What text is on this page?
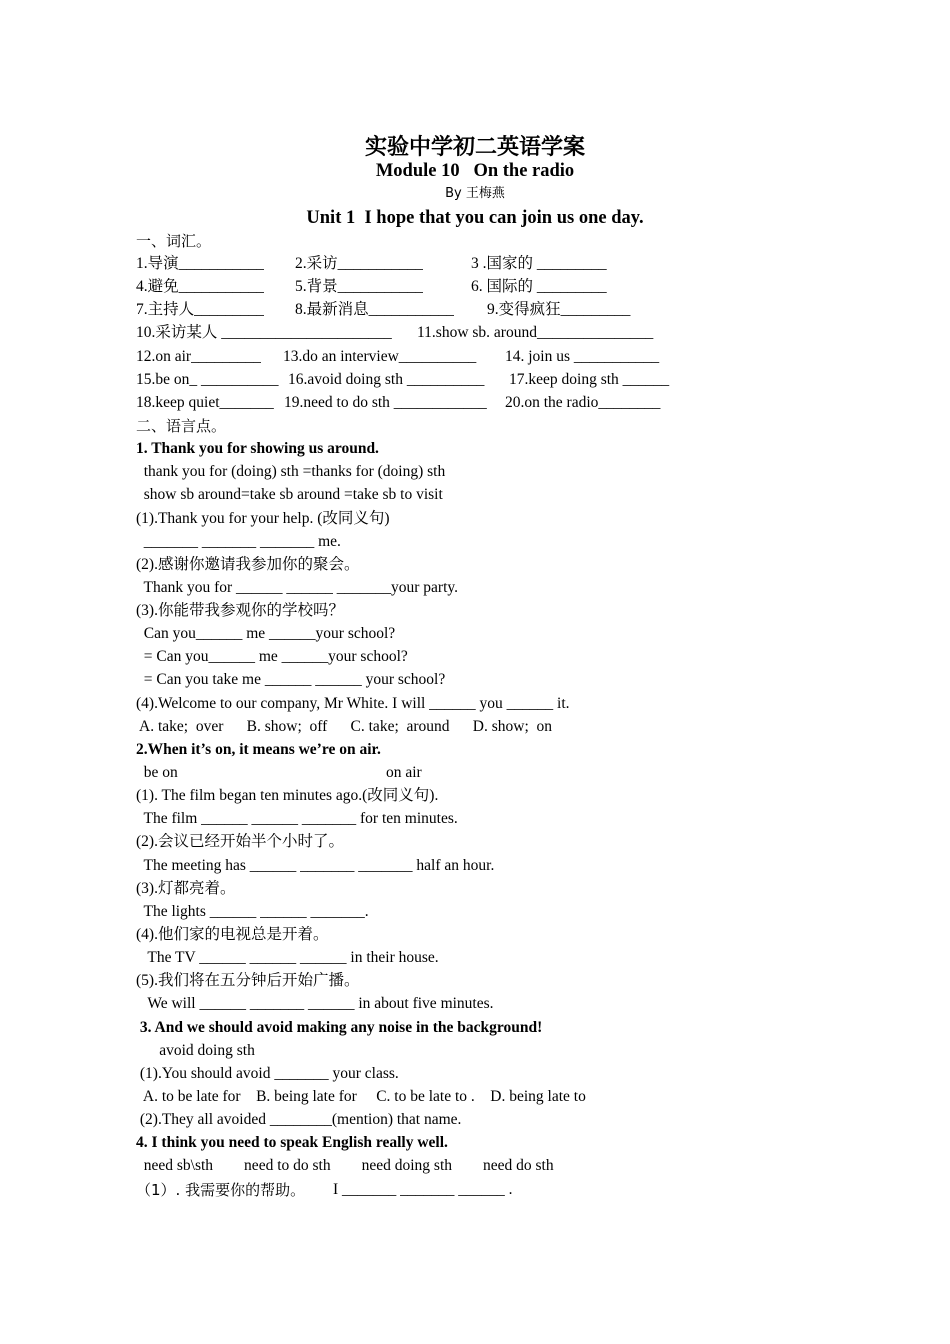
实验中学初二英语学案
Module 10   On the radio
By 王梅燕
Unit 1  I hope that you can join us one day.
一、词汇。
1.导演___________ 2.采访___________	3 .国家的 _________
4.避免___________ 5.背景___________	6. 国际的 _________
7.主持人_________ 8.最新消息___________ 9.变得疯狂_________
10.采访某人 ______________________ 11.show sb. around_______________
12.on air_________ 13.do an interview__________ 14. join us ___________
15.be on_ __________ 16.avoid doing sth __________ 17.keep doing sth ______
18.keep quiet_______ 19.need to do sth ____________ 20.on the radio________
二、语言点。
1. Thank you for showing us around.
thank you for (doing) sth =thanks for (doing) sth
show sb around=take sb around =take sb to visit
(1).Thank you for your help. (改同义句)
_______ _______ _______ me.
(2).感谢你邀请我参加你的聚会。
Thank you for ______ ______ _______your party.
(3).你能带我参观你的学校吗？
Can you______ me ______your school?
= Can you______ me ______your school?
= Can you take me ______ ______ your school?
(4).Welcome to our company, Mr White. I will ______ you ______ it.
A. take;  over      B. show;  off      C. take;  around      D. show;  on
2.When it’s on, it means we’re on air.
be on	on air
(1). The film began ten minutes ago.(改同义句).
The film ______ ______ _______ for ten minutes.
(2).会议已经开始半个小时了。
The meeting has ______ _______ _______ half an hour.
(3).灯都亮着。
The lights ______ ______ _______.
(4).他们家的电视总是开着。
The TV ______ ______ ______ in their house.
(5).我们将在五分钟后开始广播。
We will ______ _______ ______ in about five minutes.
3. And we should avoid making any noise in the background!
avoid doing sth
(1).You should avoid _______ your class.
A. to be late for    B. being late for     C. to be late to .    D. being late to
(2).They all avoided ________(mention) that name.
4. I think you need to speak English really well.
need sb\sth        need to do sth        need doing sth        need do sth
（1）. 我需要你的帮助。 I _______ _______ ______ .
